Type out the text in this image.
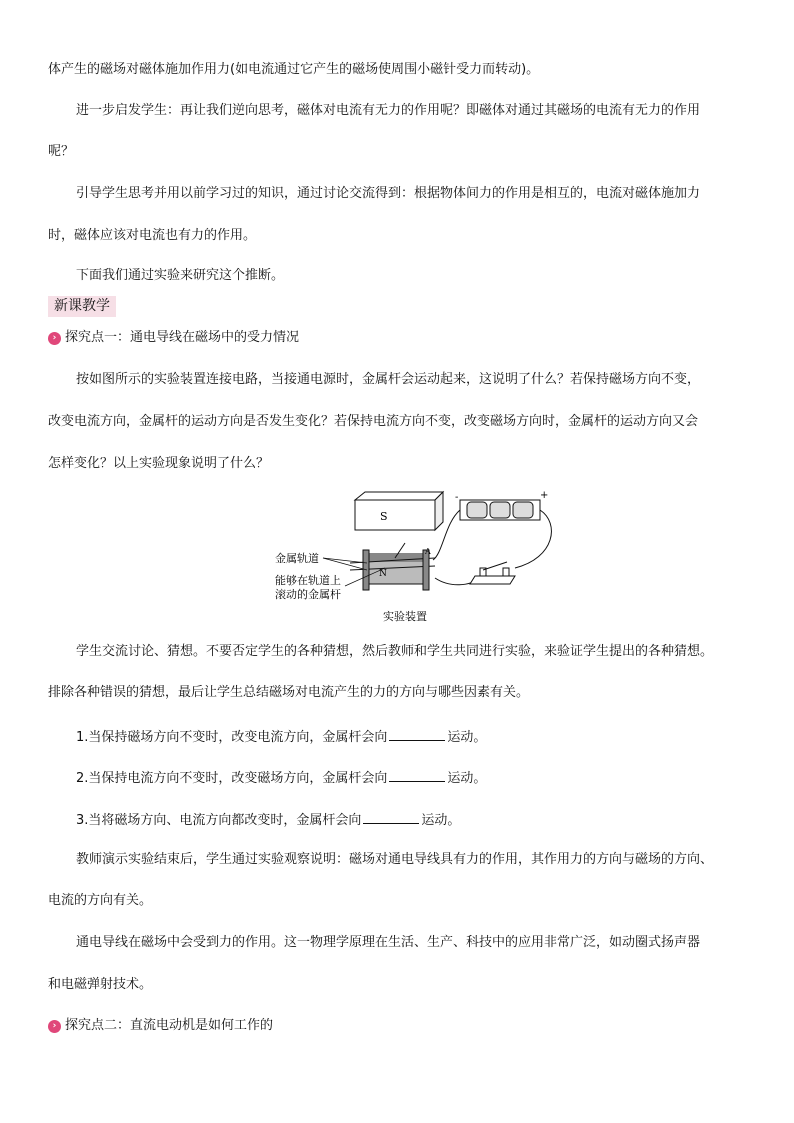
体产生的磁场对磁体施加作用力(如电流通过它产生的磁场使周围小磁针受力而转动)。
进一步启发学生：再让我们逆向思考，磁体对电流有无力的作用呢？即磁体对通过其磁场的电流有无力的作用
呢？
引导学生思考并用以前学习过的知识，通过讨论交流得到：根据物体间力的作用是相互的，电流对磁体施加力
时，磁体应该对电流也有力的作用。
下面我们通过实验来研究这个推断。
新课教学
› 探究点一：通电导线在磁场中的受力情况
按如图所示的实验装置连接电路，当接通电源时，金属杆会运动起来，这说明了什么？若保持磁场方向不变，
改变电流方向，金属杆的运动方向是否发生变化？若保持电流方向不变，改变磁场方向时，金属杆的运动方向又会
怎样变化？以上实验现象说明了什么？
S
-	+
N
A
金属轨道
能够在轨道上
滚动的金属杆
实验装置
学生交流讨论、猜想。不要否定学生的各种猜想，然后教师和学生共同进行实验，来验证学生提出的各种猜想。
排除各种错误的猜想，最后让学生总结磁场对电流产生的力的方向与哪些因素有关。
1.当保持磁场方向不变时，改变电流方向，金属杆会向	运动。
2.当保持电流方向不变时，改变磁场方向，金属杆会向	运动。
3.当将磁场方向、电流方向都改变时，金属杆会向	运动。
教师演示实验结束后，学生通过实验观察说明：磁场对通电导线具有力的作用，其作用力的方向与磁场的方向、
电流的方向有关。
通电导线在磁场中会受到力的作用。这一物理学原理在生活、生产、科技中的应用非常广泛，如动圈式扬声器
和电磁弹射技术。
› 探究点二：直流电动机是如何工作的
